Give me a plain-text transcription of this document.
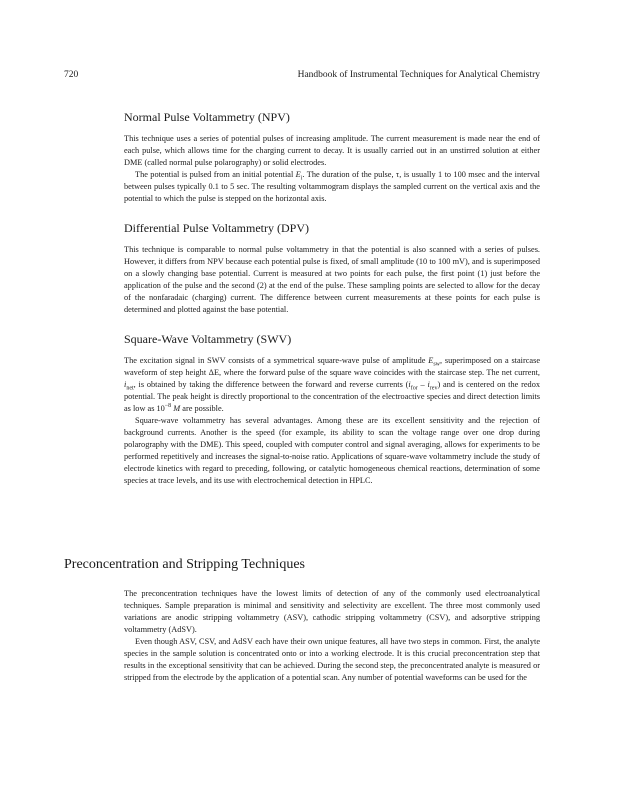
720	Handbook of Instrumental Techniques for Analytical Chemistry
Normal Pulse Voltammetry (NPV)

This technique uses a series of potential pulses of increasing amplitude. The current measurement is made near the end of each pulse, which allows time for the charging current to decay. It is usually carried out in an unstirred solution at either DME (called normal pulse polarography) or solid electrodes.

The potential is pulsed from an initial potential $E_i$. The duration of the pulse, τ, is usually 1 to 100 msec and the interval between pulses typically 0.1 to 5 sec. The resulting voltammogram displays the sampled current on the vertical axis and the potential to which the pulse is stepped on the horizontal axis.

Differential Pulse Voltammetry (DPV)

This technique is comparable to normal pulse voltammetry in that the potential is also scanned with a series of pulses. However, it differs from NPV because each potential pulse is fixed, of small amplitude (10 to 100 mV), and is superimposed on a slowly changing base potential. Current is measured at two points for each pulse, the first point (1) just before the application of the pulse and the second (2) at the end of the pulse. These sampling points are selected to allow for the decay of the nonfaradaic (charging) current. The difference between current measurements at these points for each pulse is determined and plotted against the base potential.

Square-Wave Voltammetry (SWV)

The excitation signal in SWV consists of a symmetrical square-wave pulse of amplitude $E_{sw}$, superimposed on a staircase waveform of step height ΔE, where the forward pulse of the square wave coincides with the staircase step. The net current, $i_{net}$, is obtained by taking the difference between the forward and reverse currents $(i_{for} - i_{rev})$ and is centered on the redox potential. The peak height is directly proportional to the concentration of the electroactive species and direct detection limits as low as $10^{-8}$ M are possible.

Square-wave voltammetry has several advantages. Among these are its excellent sensitivity and the rejection of background currents. Another is the speed (for example, its ability to scan the voltage range over one drop during polarography with the DME). This speed, coupled with computer control and signal averaging, allows for experiments to be performed repetitively and increases the signal-to-noise ratio. Applications of square-wave voltammetry include the study of electrode kinetics with regard to preceding, following, or catalytic homogeneous chemical reactions, determination of some species at trace levels, and its use with electrochemical detection in HPLC.

Preconcentration and Stripping Techniques

The preconcentration techniques have the lowest limits of detection of any of the commonly used electroanalytical techniques. Sample preparation is minimal and sensitivity and selectivity are excellent. The three most commonly used variations are anodic stripping voltammetry (ASV), cathodic stripping voltammetry (CSV), and adsorptive stripping voltammetry (AdSV).

Even though ASV, CSV, and AdSV each have their own unique features, all have two steps in common. First, the analyte species in the sample solution is concentrated onto or into a working electrode. It is this crucial preconcentration step that results in the exceptional sensitivity that can be achieved. During the second step, the preconcentrated analyte is measured or stripped from the electrode by the application of a potential scan. Any number of potential waveforms can be used for the
